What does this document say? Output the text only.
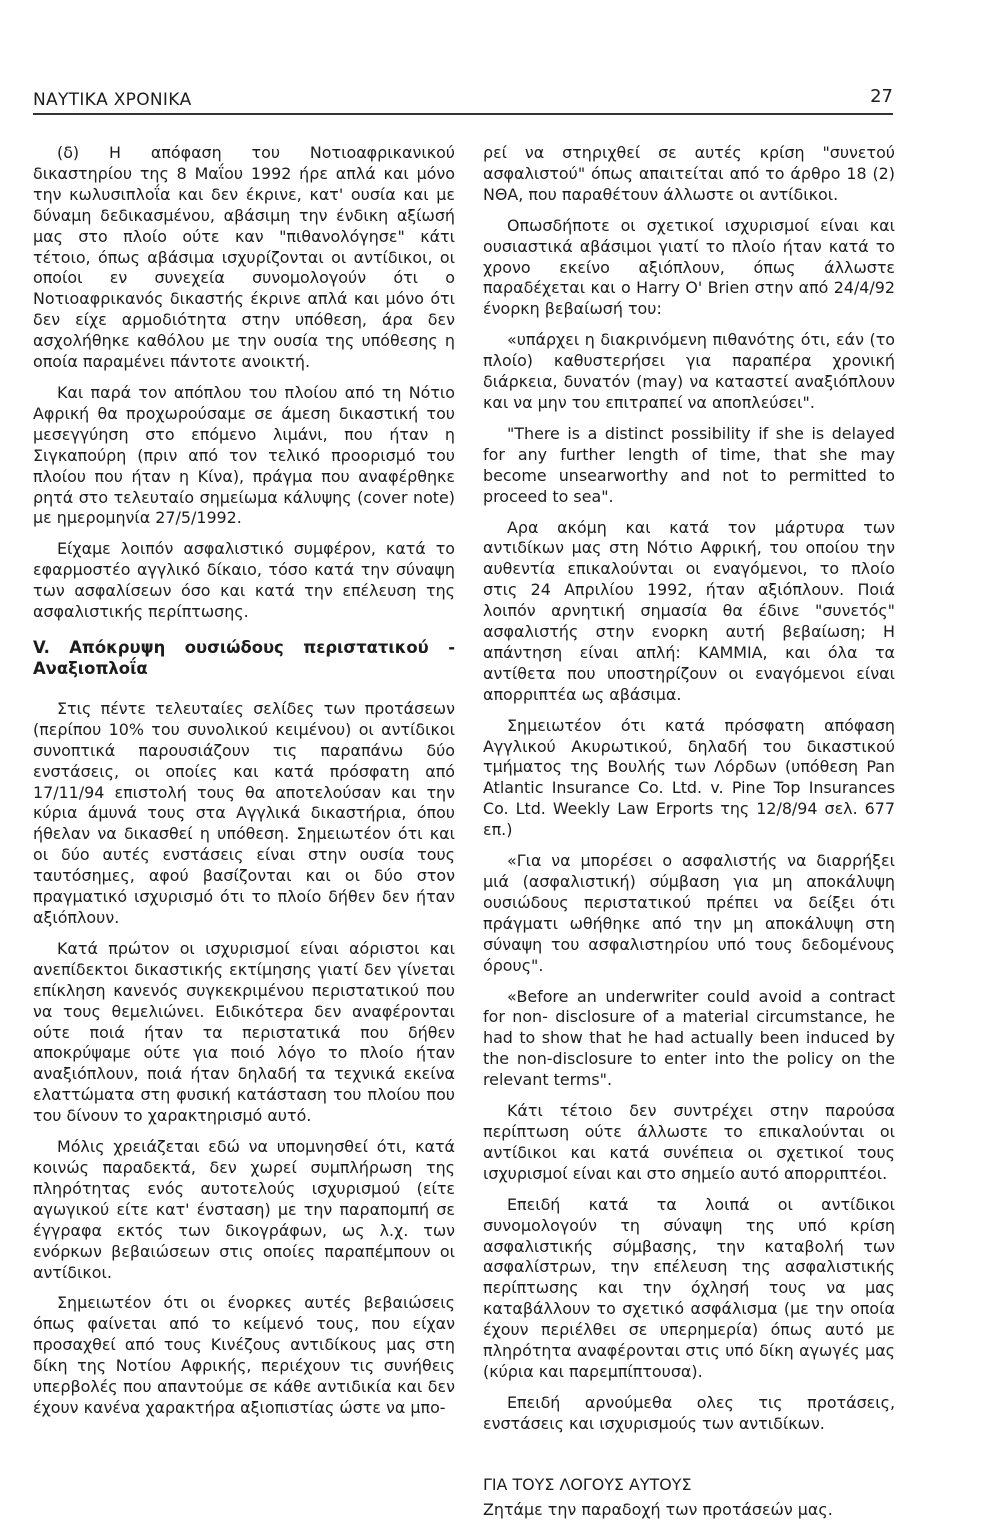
ΝΑΥΤΙΚΑ ΧΡΟΝΙΚΑ	27

(δ) Η απόφαση του Νοτιοαφρικανικού δικαστηρίου της 8 Μαΐου 1992 ήρε απλά και μόνο την κωλυσιπλοΐα και δεν έκρινε, κατ' ουσία και με δύναμη δεδικασμένου, αβάσιμη την ένδικη αξίωσή μας στο πλοίο ούτε καν "πιθανολόγησε" κάτι τέτοιο, όπως αβάσιμα ισχυρίζονται οι αντίδικοι, οι οποίοι εν συνεχεία συνομολογούν ότι ο Νοτιοαφρικανός δικαστής έκρινε απλά και μόνο ότι δεν είχε αρμοδιότητα στην υπόθεση, άρα δεν ασχολήθηκε καθόλου με την ουσία της υπόθεσης η οποία παραμένει πάντοτε ανοικτή.

Και παρά τον απόπλου του πλοίου από τη Νότιο Αφρική θα προχωρούσαμε σε άμεση δικαστική του μεσεγγύηση στο επόμενο λιμάνι, που ήταν η Σιγκαπούρη (πριν από τον τελικό προορισμό του πλοίου που ήταν η Κίνα), πράγμα που αναφέρθηκε ρητά στο τελευταίο σημείωμα κάλυψης (cover note) με ημερομηνία 27/5/1992.

Είχαμε λοιπόν ασφαλιστικό συμφέρον, κατά το εφαρμοστέο αγγλικό δίκαιο, τόσο κατά την σύναψη των ασφαλίσεων όσο και κατά την επέλευση της ασφαλιστικής περίπτωσης.

V. Απόκρυψη ουσιώδους περιστατικού - Αναξιοπλοΐα

Στις πέντε τελευταίες σελίδες των προτάσεων (περίπου 10% του συνολικού κειμένου) οι αντίδικοι συνοπτικά παρουσιάζουν τις παραπάνω δύο ενστάσεις, οι οποίες και κατά πρόσφατη από 17/11/94 επιστολή τους θα αποτελούσαν και την κύρια άμυνά τους στα Αγγλικά δικαστήρια, όπου ήθελαν να δικασθεί η υπόθεση. Σημειωτέον ότι και οι δύο αυτές ενστάσεις είναι στην ουσία τους ταυτόσημες, αφού βασίζονται και οι δύο στον πραγματικό ισχυρισμό ότι το πλοίο δήθεν δεν ήταν αξιόπλουν.

Κατά πρώτον οι ισχυρισμοί είναι αόριστοι και ανεπίδεκτοι δικαστικής εκτίμησης γιατί δεν γίνεται επίκληση κανενός συγκεκριμένου περιστατικού που να τους θεμελιώνει. Ειδικότερα δεν αναφέρονται ούτε ποιά ήταν τα περιστατικά που δήθεν αποκρύψαμε ούτε για ποιό λόγο το πλοίο ήταν αναξιόπλουν, ποιά ήταν δηλαδή τα τεχνικά εκείνα ελαττώματα στη φυσική κατάσταση του πλοίου που του δίνουν το χαρακτηρισμό αυτό.

Μόλις χρειάζεται εδώ να υπομνησθεί ότι, κατά κοινώς παραδεκτά, δεν χωρεί συμπλήρωση της πληρότητας ενός αυτοτελούς ισχυρισμού (είτε αγωγικού είτε κατ' ένσταση) με την παραπομπή σε έγγραφα εκτός των δικογράφων, ως λ.χ. των ενόρκων βεβαιώσεων στις οποίες παραπέμπουν οι αντίδικοι.

Σημειωτέον ότι οι ένορκες αυτές βεβαιώσεις όπως φαίνεται από το κείμενό τους, που είχαν προσαχθεί από τους Κινέζους αντιδίκους μας στη δίκη της Νοτίου Αφρικής, περιέχουν τις συνήθεις υπερβολές που απαντούμε σε κάθε αντιδικία και δεν έχουν κανένα χαρακτήρα αξιοπιστίας ώστε να μπο-

ρεί να στηριχθεί σε αυτές κρίση "συνετού ασφαλιστού" όπως απαιτείται από το άρθρο 18 (2) ΝΘΑ, που παραθέτουν άλλωστε οι αντίδικοι.

Οπωσδήποτε οι σχετικοί ισχυρισμοί είναι και ουσιαστικά αβάσιμοι γιατί το πλοίο ήταν κατά το χρονο εκείνο αξιόπλουν, όπως άλλωστε παραδέχεται και ο Harry O' Brien στην από 24/4/92 ένορκη βεβαίωσή του:

«υπάρχει η διακρινόμενη πιθανότης ότι, εάν (το πλοίο) καθυστερήσει για παραπέρα χρονική διάρκεια, δυνατόν (may) να καταστεί αναξιόπλουν και να μην του επιτραπεί να αποπλεύσει".

"There is a distinct possibility if she is delayed for any further length of time, that she may become unsearworthy and not to permitted to proceed to sea".

Αρα ακόμη και κατά τον μάρτυρα των αντιδίκων μας στη Νότιο Αφρική, του οποίου την αυθεντία επικαλούνται οι εναγόμενοι, το πλοίο στις 24 Απριλίου 1992, ήταν αξιόπλουν. Ποιά λοιπόν αρνητική σημασία θα έδινε "συνετός" ασφαλιστής στην ενορκη αυτή βεβαίωση; Η απάντηση είναι απλή: ΚΑΜΜΙΑ, και όλα τα αντίθετα που υποστηρίζουν οι εναγόμενοι είναι απορριπτέα ως αβάσιμα.

Σημειωτέον ότι κατά πρόσφατη απόφαση Αγγλικού Ακυρωτικού, δηλαδή του δικαστικού τμήματος της Βουλής των Λόρδων (υπόθεση Pan Atlantic Insurance Co. Ltd. v. Pine Top Insurances Co. Ltd. Weekly Law Erports της 12/8/94 σελ. 677 επ.)

«Για να μπορέσει ο ασφαλιστής να διαρρήξει μιά (ασφαλιστική) σύμβαση για μη αποκάλυψη ουσιώδους περιστατικού πρέπει να δείξει ότι πράγματι ωθήθηκε από την μη αποκάλυψη στη σύναψη του ασφαλιστηρίου υπό τους δεδομένους όρους".

«Before an underwriter could avoid a contract for non- disclosure of a material circumstance, he had to show that he had actually been induced by the non-disclosure to enter into the policy on the relevant terms".

Κάτι τέτοιο δεν συντρέχει στην παρούσα περίπτωση ούτε άλλωστε το επικαλούνται οι αντίδικοι και κατά συνέπεια οι σχετικοί τους ισχυρισμοί είναι και στο σημείο αυτό απορριπτέοι.

Επειδή κατά τα λοιπά οι αντίδικοι συνομολογούν τη σύναψη της υπό κρίση ασφαλιστικής σύμβασης, την καταβολή των ασφαλίστρων, την επέλευση της ασφαλιστικής περίπτωσης και την όχλησή τους να μας καταβάλλουν το σχετικό ασφάλισμα (με την οποία έχουν περιέλθει σε υπερημερία) όπως αυτό με πληρότητα αναφέρονται στις υπό δίκη αγωγές μας (κύρια και παρεμπίπτουσα).

Επειδή αρνούμεθα ολες τις προτάσεις, ενστάσεις και ισχυρισμούς των αντιδίκων.

ΓΙΑ ΤΟΥΣ ΛΟΓΟΥΣ ΑΥΤΟΥΣ

Ζητάμε την παραδοχή των προτάσεών μας.
